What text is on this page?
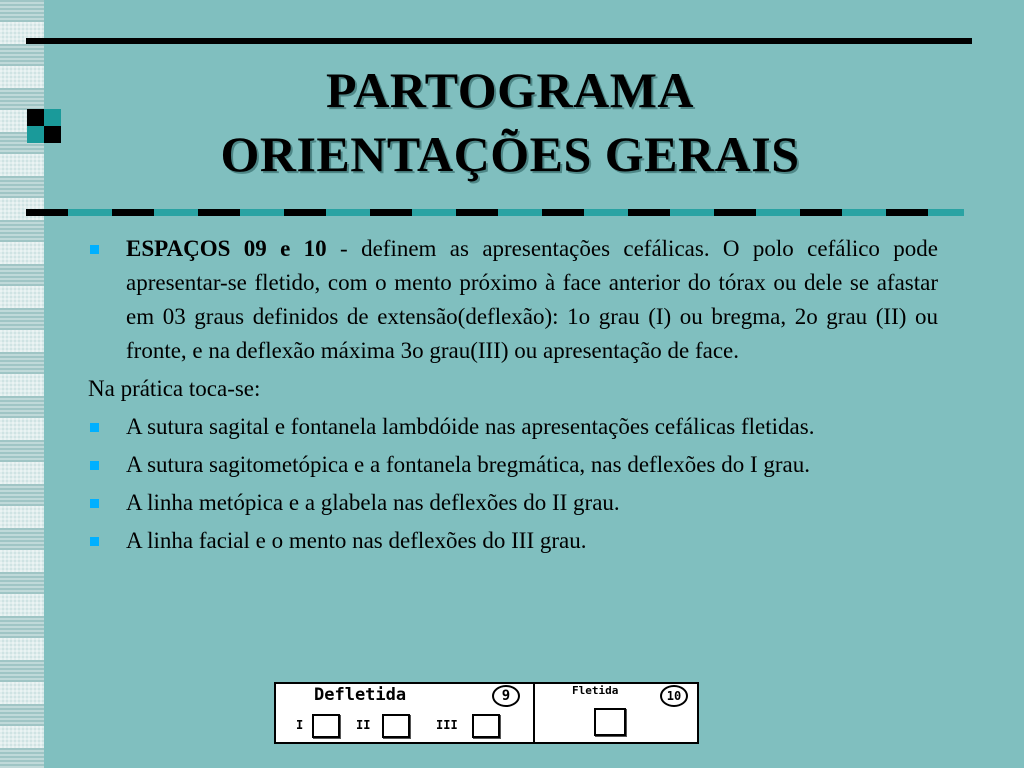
PARTOGRAMA
ORIENTAÇÕES GERAIS
ESPAÇOS 09 e 10 - definem as apresentações cefálicas. O polo cefálico pode apresentar-se fletido, com o mento próximo à face anterior do tórax ou dele se afastar em 03 graus definidos de extensão(deflexão): 1o grau (I) ou bregma, 2o grau (II) ou fronte, e na deflexão máxima 3o grau(III) ou apresentação de face.
Na prática toca-se:
A sutura sagital e fontanela lambdóide nas apresentações cefálicas fletidas.
A sutura sagitometópica e a fontanela bregmática, nas deflexões do I grau.
A linha metópica e a glabela nas deflexões do II grau.
A linha facial e o mento nas deflexões do III grau.
Defletida	9
I	II	III
Fletida	10
